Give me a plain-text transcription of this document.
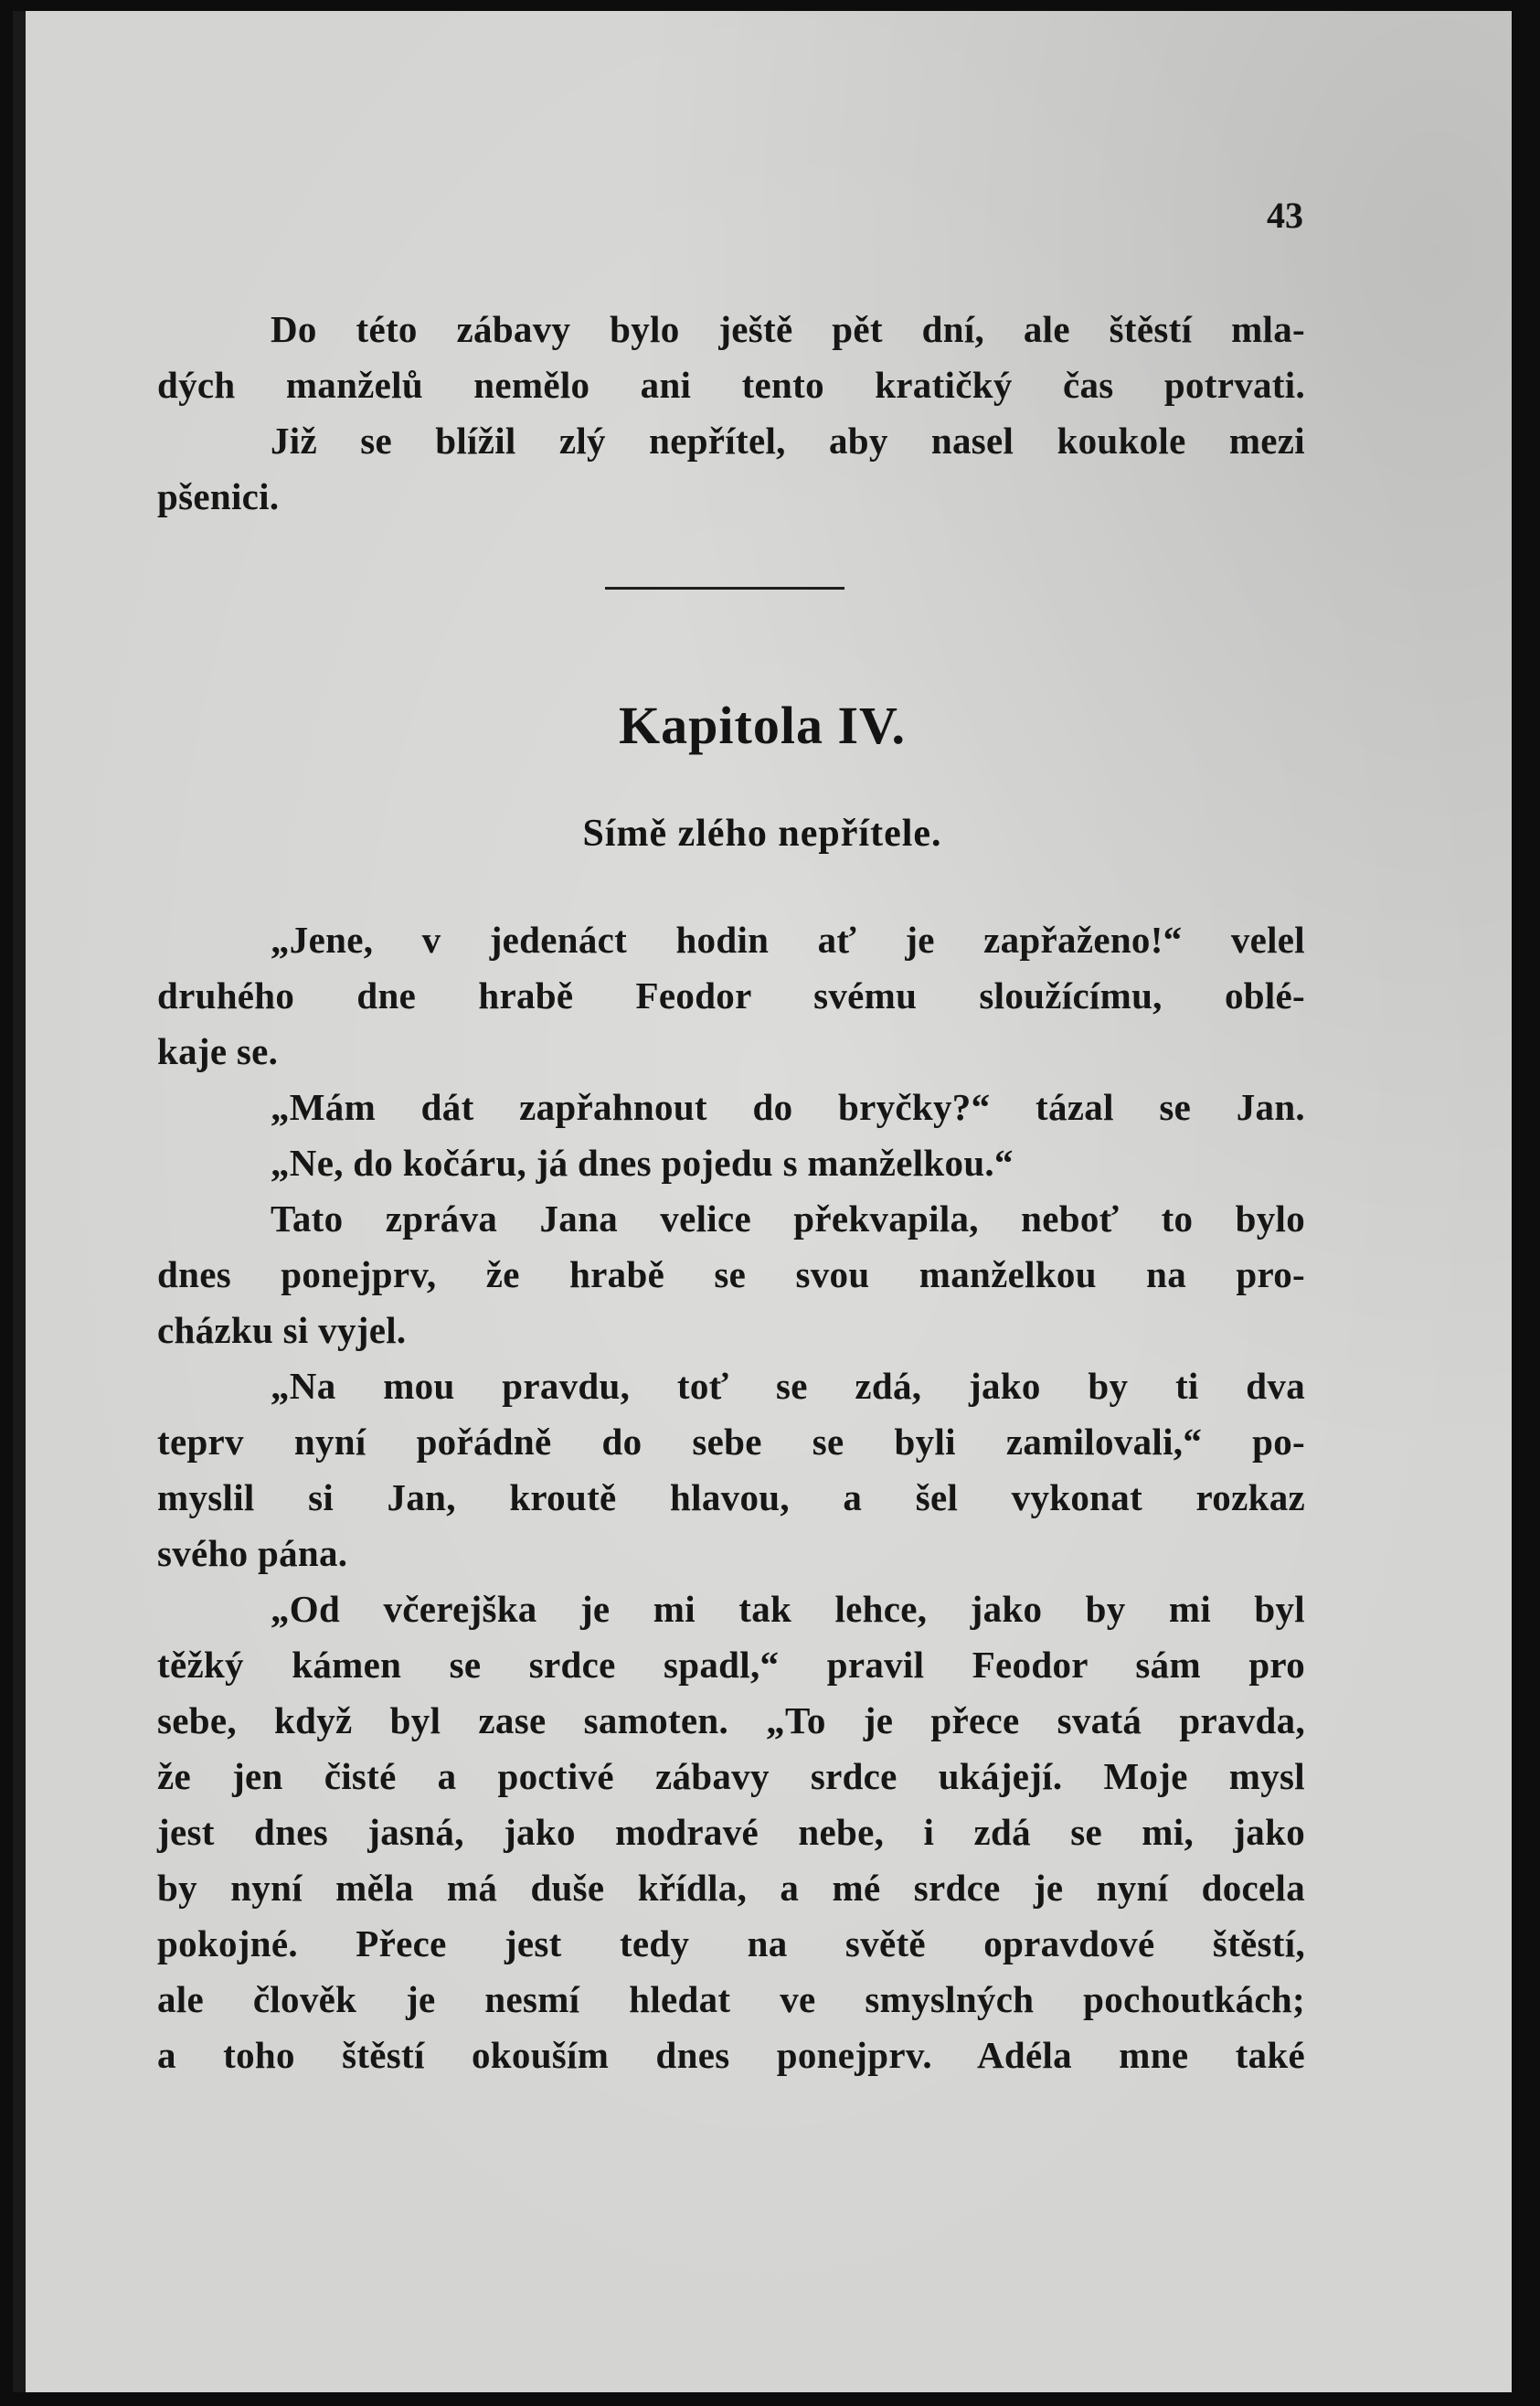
43
Do této zábavy bylo ještě pět dní, ale štěstí mla-
dých manželů nemělo ani tento kratičký čas potrvati.
Již se blížil zlý nepřítel, aby nasel koukole mezi
pšenici.
Kapitola IV.
Símě zlého nepřítele.
„Jene, v jedenáct hodin ať je zapřaženo!“ velel
druhého dne hrabě Feodor svému sloužícímu, oblé-
kaje se.
„Mám dát zapřahnout do bryčky?“ tázal se Jan.
„Ne, do kočáru, já dnes pojedu s manželkou.“
Tato zpráva Jana velice překvapila, neboť to bylo
dnes ponejprv, že hrabě se svou manželkou na pro-
cházku si vyjel.
„Na mou pravdu, toť se zdá, jako by ti dva
teprv nyní pořádně do sebe se byli zamilovali,“ po-
myslil si Jan, kroutě hlavou, a šel vykonat rozkaz
svého pána.
„Od včerejška je mi tak lehce, jako by mi byl
těžký kámen se srdce spadl,“ pravil Feodor sám pro
sebe, když byl zase samoten. „To je přece svatá pravda,
že jen čisté a poctivé zábavy srdce ukájejí. Moje mysl
jest dnes jasná, jako modravé nebe, i zdá se mi, jako
by nyní měla má duše křídla, a mé srdce je nyní docela
pokojné. Přece jest tedy na světě opravdové štěstí,
ale člověk je nesmí hledat ve smyslných pochoutkách;
a toho štěstí okouším dnes ponejprv. Adéla mne také
